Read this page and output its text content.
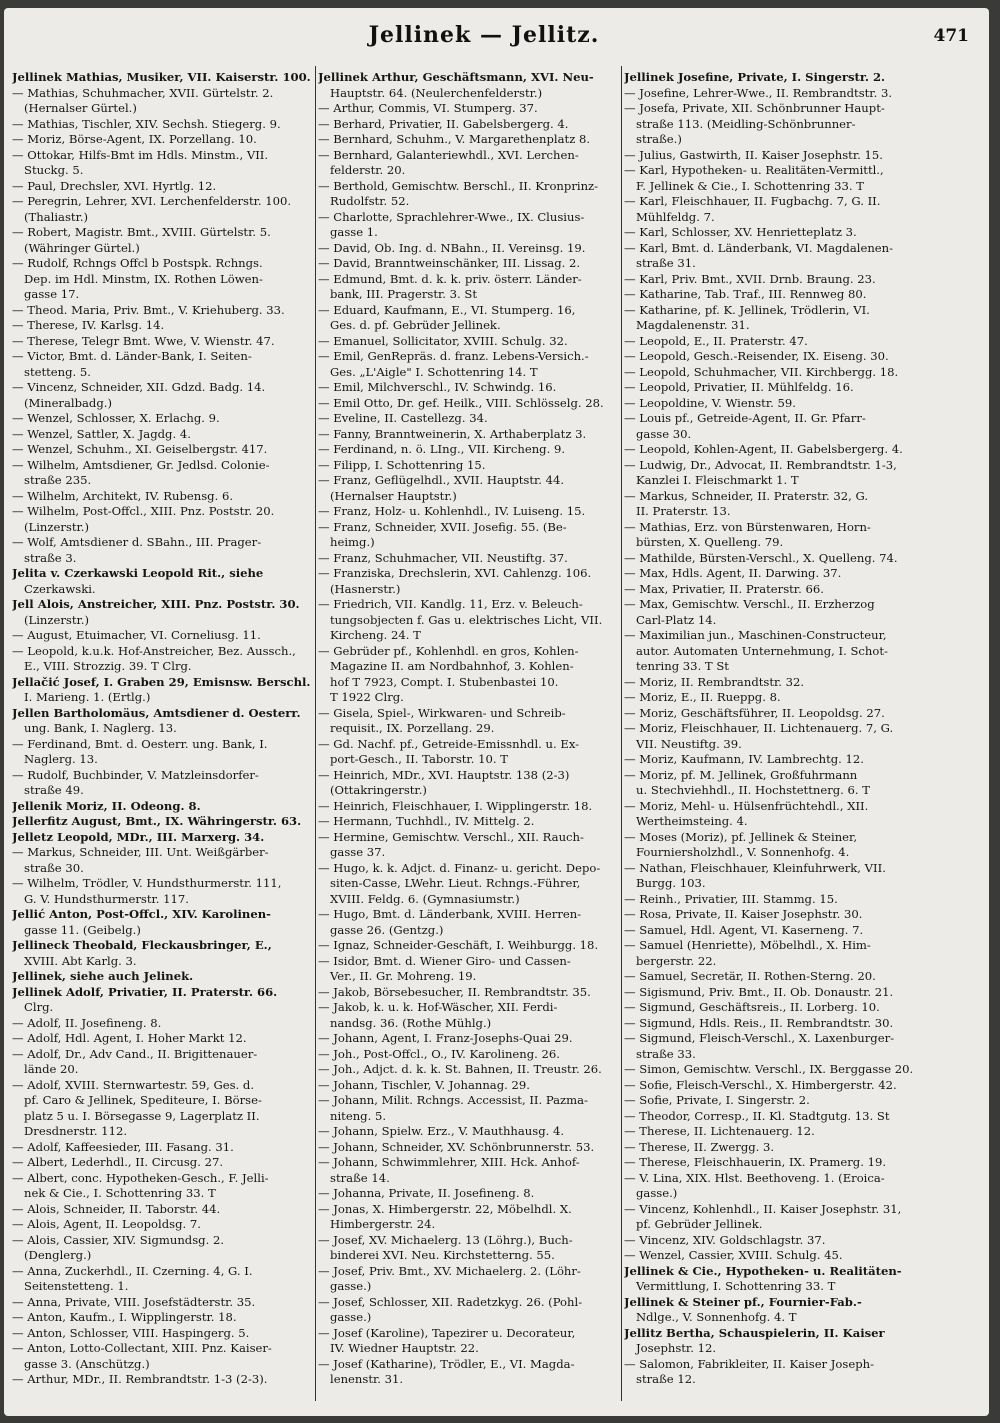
Jellinek — Jellitz.	471
Jellinek Mathias, Musiker, VII. Kaiserstr. 100.
— Mathias, Schuhmacher, XVII. Gürtelstr. 2.
(Hernalser Gürtel.)
— Mathias, Tischler, XIV. Sechsh. Stiegerg. 9.
— Moriz, Börse-Agent, IX. Porzellang. 10.
— Ottokar, Hilfs-Bmt im Hdls. Minstm., VII.
Stuckg. 5.
— Paul, Drechsler, XVI. Hyrtlg. 12.
— Peregrin, Lehrer, XVI. Lerchenfelderstr. 100.
(Thaliastr.)
— Robert, Magistr. Bmt., XVIII. Gürtelstr. 5.
(Währinger Gürtel.)
— Rudolf, Rchngs Offcl b Postspk. Rchngs.
Dep. im Hdl. Minstm, IX. Rothen Löwen-
gasse 17.
— Theod. Maria, Priv. Bmt., V. Kriehuberg. 33.
— Therese, IV. Karlsg. 14.
— Therese, Telegr Bmt. Wwe, V. Wienstr. 47.
— Victor, Bmt. d. Länder-Bank, I. Seiten-
stetteng. 5.
— Vincenz, Schneider, XII. Gdzd. Badg. 14.
(Mineralbadg.)
— Wenzel, Schlosser, X. Erlachg. 9.
— Wenzel, Sattler, X. Jagdg. 4.
— Wenzel, Schuhm., XI. Geiselbergstr. 417.
— Wilhelm, Amtsdiener, Gr. Jedlsd. Colonie-
straße 235.
— Wilhelm, Architekt, IV. Rubensg. 6.
— Wilhelm, Post-Offcl., XIII. Pnz. Poststr. 20.
(Linzerstr.)
— Wolf, Amtsdiener d. SBahn., III. Prager-
straße 3.
Jelita v. Czerkawski Leopold Rit., siehe
Czerkawski.
Jell Alois, Anstreicher, XIII. Pnz. Poststr. 30.
(Linzerstr.)
— August, Etuimacher, VI. Corneliusg. 11.
— Leopold, k.u.k. Hof-Anstreicher, Bez. Aussch.,
E., VIII. Strozzig. 39. T Clrg.
Jellačić Josef, I. Graben 29, Emisnsw. Berschl.
I. Marieng. 1. (Ertlg.)
Jellen Bartholomäus, Amtsdiener d. Oesterr.
ung. Bank, I. Naglerg. 13.
— Ferdinand, Bmt. d. Oesterr. ung. Bank, I.
Naglerg. 13.
— Rudolf, Buchbinder, V. Matzleinsdorfer-
straße 49.
Jellenik Moriz, II. Odeong. 8.
Jellerfitz August, Bmt., IX. Währingerstr. 63.
Jelletz Leopold, MDr., III. Marxerg. 34.
— Markus, Schneider, III. Unt. Weißgärber-
straße 30.
— Wilhelm, Trödler, V. Hundsthurmerstr. 111,
G. V. Hundsthurmerstr. 117.
Jellić Anton, Post-Offcl., XIV. Karolinen-
gasse 11. (Geibelg.)
Jellineck Theobald, Fleckausbringer, E.,
XVIII. Abt Karlg. 3.
Jellinek, siehe auch Jelinek.
Jellinek Adolf, Privatier, II. Praterstr. 66.
Clrg.
— Adolf, II. Josefineng. 8.
— Adolf, Hdl. Agent, I. Hoher Markt 12.
— Adolf, Dr., Adv Cand., II. Brigittenauer-
lände 20.
— Adolf, XVIII. Sternwartestr. 59, Ges. d.
pf. Caro & Jellinek, Spediteure, I. Börse-
platz 5 u. I. Börsegasse 9, Lagerplatz II.
Dresdnerstr. 112.
— Adolf, Kaffeesieder, III. Fasang. 31.
— Albert, Lederhdl., II. Circusg. 27.
— Albert, conc. Hypotheken-Gesch., F. Jelli-
nek & Cie., I. Schottenring 33. T
— Alois, Schneider, II. Taborstr. 44.
— Alois, Agent, II. Leopoldsg. 7.
— Alois, Cassier, XIV. Sigmundsg. 2.
(Denglerg.)
— Anna, Zuckerhdl., II. Czerning. 4, G. I.
Seitenstetteng. 1.
— Anna, Private, VIII. Josefstädterstr. 35.
— Anton, Kaufm., I. Wipplingerstr. 18.
— Anton, Schlosser, VIII. Haspingerg. 5.
— Anton, Lotto-Collectant, XIII. Pnz. Kaiser-
gasse 3. (Anschützg.)
— Arthur, MDr., II. Rembrandtstr. 1-3 (2-3).
Jellinek Arthur, Geschäftsmann, XVI. Neu-
Hauptstr. 64. (Neulerchenfelderstr.)
— Arthur, Commis, VI. Stumperg. 37.
— Berhard, Privatier, II. Gabelsbergerg. 4.
— Bernhard, Schuhm., V. Margarethenplatz 8.
— Bernhard, Galanteriewhdl., XVI. Lerchen-
felderstr. 20.
— Berthold, Gemischtw. Berschl., II. Kronprinz-
Rudolfstr. 52.
— Charlotte, Sprachlehrer-Wwe., IX. Clusius-
gasse 1.
— David, Ob. Ing. d. NBahn., II. Vereinsg. 19.
— David, Branntweinschänker, III. Lissag. 2.
— Edmund, Bmt. d. k. k. priv. österr. Länder-
bank, III. Pragerstr. 3. St
— Eduard, Kaufmann, E., VI. Stumperg. 16,
Ges. d. pf. Gebrüder Jellinek.
— Emanuel, Sollicitator, XVIII. Schulg. 32.
— Emil, GenRepräs. d. franz. Lebens-Versich.-
Ges. „L'Aigle" I. Schottenring 14. T
— Emil, Milchverschl., IV. Schwindg. 16.
— Emil Otto, Dr. gef. Heilk., VIII. Schlösselg. 28.
— Eveline, II. Castellezg. 34.
— Fanny, Branntweinerin, X. Arthaberplatz 3.
— Ferdinand, n. ö. LIng., VII. Kircheng. 9.
— Filipp, I. Schottenring 15.
— Franz, Geflügelhdl., XVII. Hauptstr. 44.
(Hernalser Hauptstr.)
— Franz, Holz- u. Kohlenhdl., IV. Luiseng. 15.
— Franz, Schneider, XVII. Josefig. 55. (Be-
heimg.)
— Franz, Schuhmacher, VII. Neustiftg. 37.
— Franziska, Drechslerin, XVI. Cahlenzg. 106.
(Hasnerstr.)
— Friedrich, VII. Kandlg. 11, Erz. v. Beleuch-
tungsobjecten f. Gas u. elektrisches Licht, VII.
Kircheng. 24. T
— Gebrüder pf., Kohlenhdl. en gros, Kohlen-
Magazine II. am Nordbahnhof, 3. Kohlen-
hof T 7923, Compt. I. Stubenbastei 10.
T 1922 Clrg.
— Gisela, Spiel-, Wirkwaren- und Schreib-
requisit., IX. Porzellang. 29.
— Gd. Nachf. pf., Getreide-Emissnhdl. u. Ex-
port-Gesch., II. Taborstr. 10. T
— Heinrich, MDr., XVI. Hauptstr. 138 (2-3)
(Ottakringerstr.)
— Heinrich, Fleischhauer, I. Wipplingerstr. 18.
— Hermann, Tuchhdl., IV. Mittelg. 2.
— Hermine, Gemischtw. Verschl., XII. Rauch-
gasse 37.
— Hugo, k. k. Adjct. d. Finanz- u. gericht. Depo-
siten-Casse, LWehr. Lieut. Rchngs.-Führer,
XVIII. Feldg. 6. (Gymnasiumstr.)
— Hugo, Bmt. d. Länderbank, XVIII. Herren-
gasse 26. (Gentzg.)
— Ignaz, Schneider-Geschäft, I. Weihburgg. 18.
— Isidor, Bmt. d. Wiener Giro- und Cassen-
Ver., II. Gr. Mohreng. 19.
— Jakob, Börsebesucher, II. Rembrandtstr. 35.
— Jakob, k. u. k. Hof-Wäscher, XII. Ferdi-
nandsg. 36. (Rothe Mühlg.)
— Johann, Agent, I. Franz-Josephs-Quai 29.
— Joh., Post-Offcl., O., IV. Karolineng. 26.
— Joh., Adjct. d. k. k. St. Bahnen, II. Treustr. 26.
— Johann, Tischler, V. Johannag. 29.
— Johann, Milit. Rchngs. Accessist, II. Pazma-
niteng. 5.
— Johann, Spielw. Erz., V. Mauthhausg. 4.
— Johann, Schneider, XV. Schönbrunnerstr. 53.
— Johann, Schwimmlehrer, XIII. Hck. Anhof-
straße 14.
— Johanna, Private, II. Josefineng. 8.
— Jonas, X. Himbergerstr. 22, Möbelhdl. X.
Himbergerstr. 24.
— Josef, XV. Michaelerg. 13 (Löhrg.), Buch-
binderei XVI. Neu. Kirchstetterng. 55.
— Josef, Priv. Bmt., XV. Michaelerg. 2. (Löhr-
gasse.)
— Josef, Schlosser, XII. Radetzkyg. 26. (Pohl-
gasse.)
— Josef (Karoline), Tapezirer u. Decorateur,
IV. Wiedner Hauptstr. 22.
— Josef (Katharine), Trödler, E., VI. Magda-
lenenstr. 31.
Jellinek Josefine, Private, I. Singerstr. 2.
— Josefine, Lehrer-Wwe., II. Rembrandtstr. 3.
— Josefa, Private, XII. Schönbrunner Haupt-
straße 113. (Meidling-Schönbrunner-
straße.)
— Julius, Gastwirth, II. Kaiser Josephstr. 15.
— Karl, Hypotheken- u. Realitäten-Vermittl.,
F. Jellinek & Cie., I. Schottenring 33. T
— Karl, Fleischhauer, II. Fugbachg. 7, G. II.
Mühlfeldg. 7.
— Karl, Schlosser, XV. Henrietteplatz 3.
— Karl, Bmt. d. Länderbank, VI. Magdalenen-
straße 31.
— Karl, Priv. Bmt., XVII. Drnb. Braung. 23.
— Katharine, Tab. Traf., III. Rennweg 80.
— Katharine, pf. K. Jellinek, Trödlerin, VI.
Magdalenenstr. 31.
— Leopold, E., II. Praterstr. 47.
— Leopold, Gesch.-Reisender, IX. Eiseng. 30.
— Leopold, Schuhmacher, VII. Kirchbergg. 18.
— Leopold, Privatier, II. Mühlfeldg. 16.
— Leopoldine, V. Wienstr. 59.
— Louis pf., Getreide-Agent, II. Gr. Pfarr-
gasse 30.
— Leopold, Kohlen-Agent, II. Gabelsbergerg. 4.
— Ludwig, Dr., Advocat, II. Rembrandtstr. 1-3,
Kanzlei I. Fleischmarkt 1. T
— Markus, Schneider, II. Praterstr. 32, G.
II. Praterstr. 13.
— Mathias, Erz. von Bürstenwaren, Horn-
bürsten, X. Quelleng. 79.
— Mathilde, Bürsten-Verschl., X. Quelleng. 74.
— Max, Hdls. Agent, II. Darwing. 37.
— Max, Privatier, II. Praterstr. 66.
— Max, Gemischtw. Verschl., II. Erzherzog
Carl-Platz 14.
— Maximilian jun., Maschinen-Constructeur,
autor. Automaten Unternehmung, I. Schot-
tenring 33. T St
— Moriz, II. Rembrandtstr. 32.
— Moriz, E., II. Rueppg. 8.
— Moriz, Geschäftsführer, II. Leopoldsg. 27.
— Moriz, Fleischhauer, II. Lichtenauerg. 7, G.
VII. Neustiftg. 39.
— Moriz, Kaufmann, IV. Lambrechtg. 12.
— Moriz, pf. M. Jellinek, Großfuhrmann
u. Stechviehhdl., II. Hochstettnerg. 6. T
— Moriz, Mehl- u. Hülsenfrüchtehdl., XII.
Wertheimsteing. 4.
— Moses (Moriz), pf. Jellinek & Steiner,
Fourniersholzhdl., V. Sonnenhofg. 4.
— Nathan, Fleischhauer, Kleinfuhrwerk, VII.
Burgg. 103.
— Reinh., Privatier, III. Stammg. 15.
— Rosa, Private, II. Kaiser Josephstr. 30.
— Samuel, Hdl. Agent, VI. Kaserneng. 7.
— Samuel (Henriette), Möbelhdl., X. Him-
bergerstr. 22.
— Samuel, Secretär, II. Rothen-Sterng. 20.
— Sigismund, Priv. Bmt., II. Ob. Donaustr. 21.
— Sigmund, Geschäftsreis., II. Lorberg. 10.
— Sigmund, Hdls. Reis., II. Rembrandtstr. 30.
— Sigmund, Fleisch-Verschl., X. Laxenburger-
straße 33.
— Simon, Gemischtw. Verschl., IX. Berggasse 20.
— Sofie, Fleisch-Verschl., X. Himbergerstr. 42.
— Sofie, Private, I. Singerstr. 2.
— Theodor, Corresp., II. Kl. Stadtgutg. 13. St
— Therese, II. Lichtenauerg. 12.
— Therese, II. Zwergg. 3.
— Therese, Fleischhauerin, IX. Pramerg. 19.
— V. Lina, XIX. Hlst. Beethoveng. 1. (Eroica-
gasse.)
— Vincenz, Kohlenhdl., II. Kaiser Josephstr. 31,
pf. Gebrüder Jellinek.
— Vincenz, XIV. Goldschlagstr. 37.
— Wenzel, Cassier, XVIII. Schulg. 45.
Jellinek & Cie., Hypotheken- u. Realitäten-
Vermittlung, I. Schottenring 33. T
Jellinek & Steiner pf., Fournier-Fab.-
Ndlge., V. Sonnenhofg. 4. T
Jellitz Bertha, Schauspielerin, II. Kaiser
Josephstr. 12.
— Salomon, Fabrikleiter, II. Kaiser Joseph-
straße 12.
